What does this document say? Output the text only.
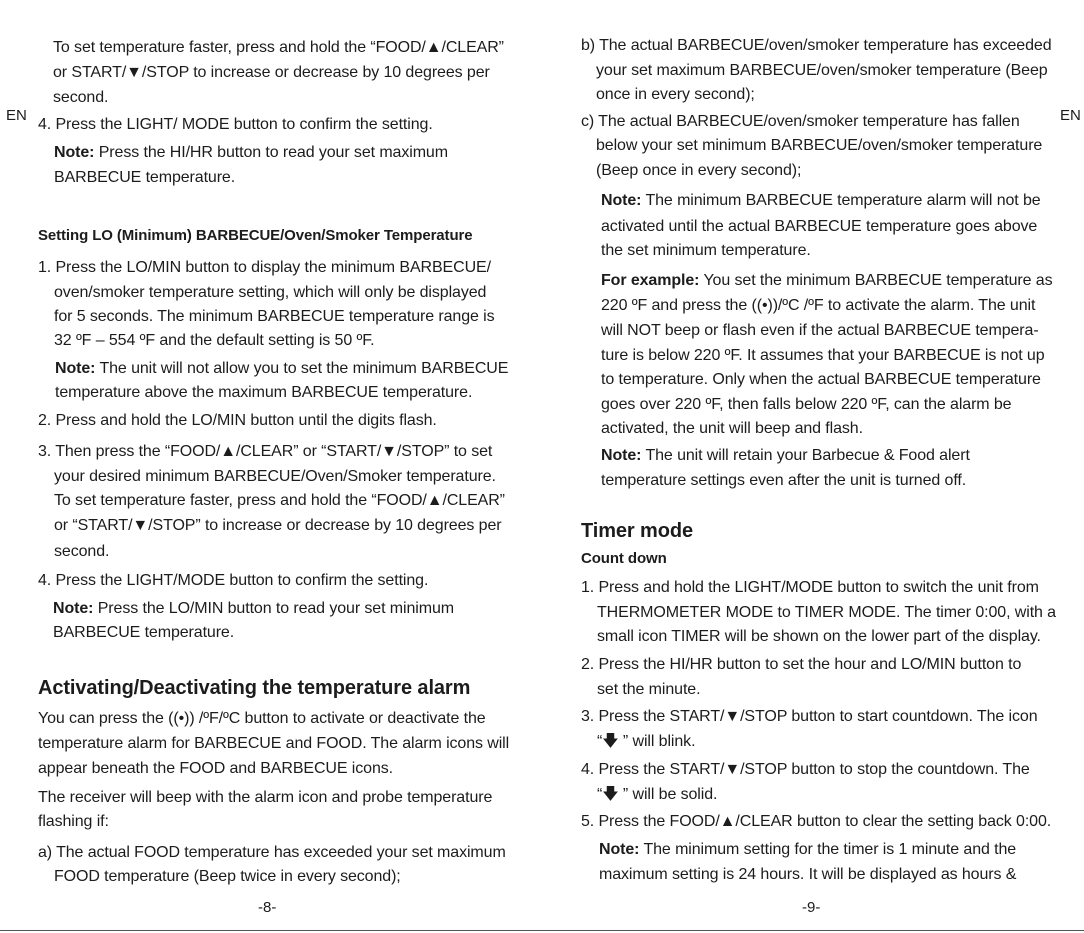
EN	EN
To set temperature faster, press and hold the “FOOD/▲/CLEAR”
or START/▼/STOP to increase or decrease by 10 degrees per
second.
4. Press the LIGHT/ MODE button to confirm the setting.
Note: Press the HI/HR button to read your set maximum
BARBECUE temperature.
Setting LO (Minimum) BARBECUE/Oven/Smoker Temperature
1. Press the LO/MIN button to display the minimum BARBECUE/
oven/smoker temperature setting, which will only be displayed
for 5 seconds. The minimum BARBECUE temperature range is
32 ºF – 554 ºF and the default setting is 50 ºF.
Note: The unit will not allow you to set the minimum BARBECUE
temperature above the maximum BARBECUE temperature.
2. Press and hold the LO/MIN button until the digits flash.
3. Then press the “FOOD/▲/CLEAR” or “START/▼/STOP” to set
your desired minimum BARBECUE/Oven/Smoker temperature.
To set temperature faster, press and hold the “FOOD/▲/CLEAR”
or “START/▼/STOP” to increase or decrease by 10 degrees per
second.
4. Press the LIGHT/MODE button to confirm the setting.
Note: Press the LO/MIN button to read your set minimum
BARBECUE temperature.
Activating/Deactivating the temperature alarm
You can press the ((•)) /ºF/ºC button to activate or deactivate the
temperature alarm for BARBECUE and FOOD. The alarm icons will
appear beneath the FOOD and BARBECUE icons.
The receiver will beep with the alarm icon and probe temperature
flashing if:
a) The actual FOOD temperature has exceeded your set maximum
FOOD temperature (Beep twice in every second);
-8-
b) The actual BARBECUE/oven/smoker temperature has exceeded
your set maximum BARBECUE/oven/smoker temperature (Beep
once in every second);
c) The actual BARBECUE/oven/smoker temperature has fallen
below your set minimum BARBECUE/oven/smoker temperature
(Beep once in every second);
Note: The minimum BARBECUE temperature alarm will not be
activated until the actual BARBECUE temperature goes above
the set minimum temperature.
For example: You set the minimum BARBECUE temperature as
220 ºF and press the ((•))/ºC /ºF to activate the alarm. The unit
will NOT beep or flash even if the actual BARBECUE tempera-
ture is below 220 ºF. It assumes that your BARBECUE is not up
to temperature. Only when the actual BARBECUE temperature
goes over 220 ºF, then falls below 220 ºF, can the alarm be
activated, the unit will beep and flash.
Note: The unit will retain your Barbecue & Food alert
temperature settings even after the unit is turned off.
Timer mode
Count down
1. Press and hold the LIGHT/MODE button to switch the unit from
THERMOMETER MODE to TIMER MODE. The timer 0:00, with a
small icon TIMER will be shown on the lower part of the display.
2. Press the HI/HR button to set the hour and LO/MIN button to
set the minute.
3. Press the START/▼/STOP button to start countdown. The icon
“🡇 ” will blink.
4. Press the START/▼/STOP button to stop the countdown. The
“🡇 ” will be solid.
5. Press the FOOD/▲/CLEAR button to clear the setting back 0:00.
Note: The minimum setting for the timer is 1 minute and the
maximum setting is 24 hours. It will be displayed as hours &
-9-
